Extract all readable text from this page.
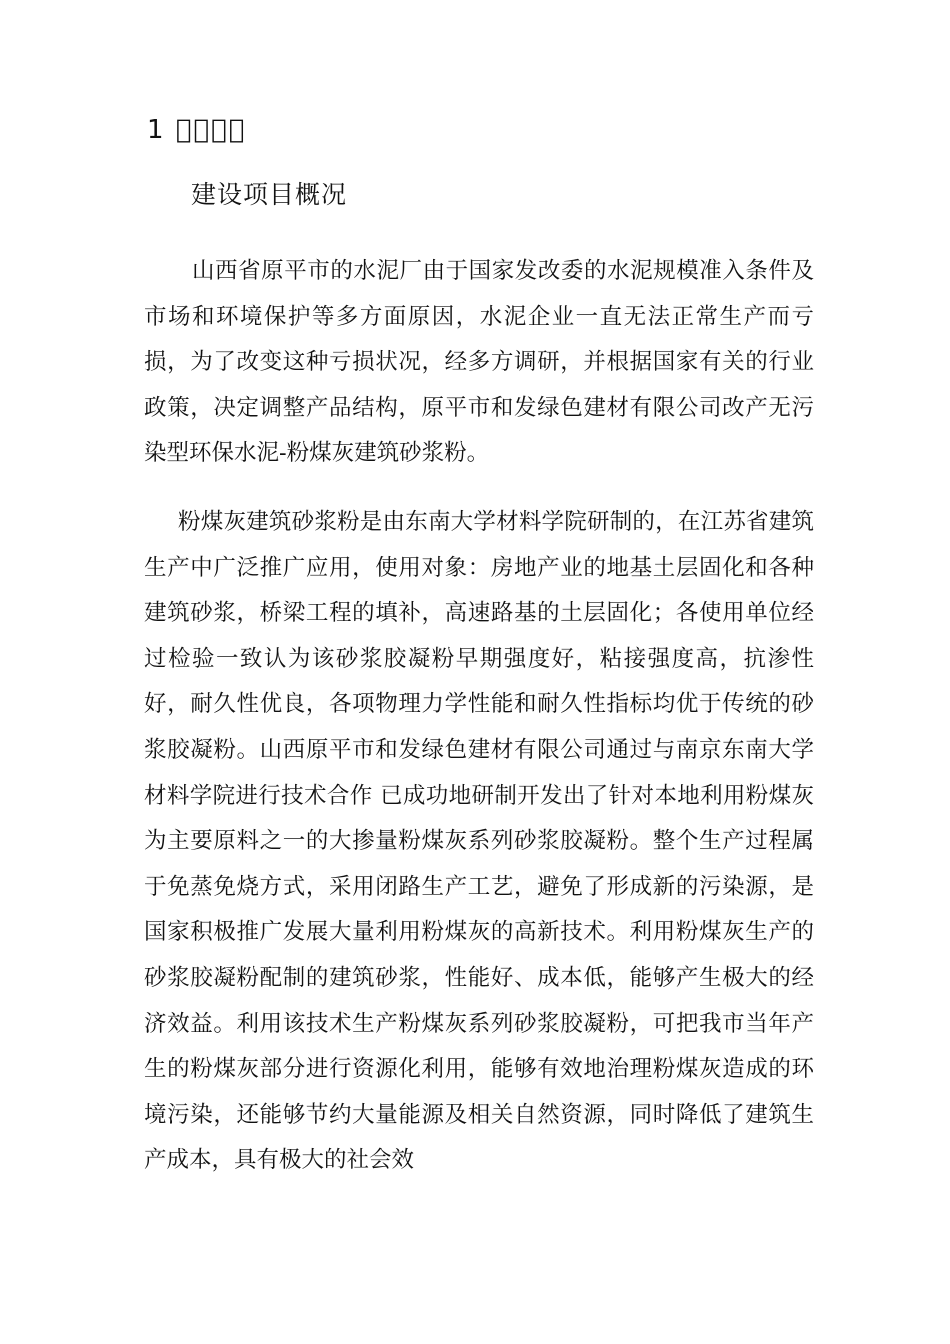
1 􀀀􀀀􀀀􀀀
建设项目概况

山西省原平市的水泥厂由于国家发改委的水泥规模准入条件及市场和环境保护等多方面原因，水泥企业一直无法正常生产而亏损，为了改变这种亏损状况，经多方调研，并根据国家有关的行业政策，决定调整产品结构，原平市和发绿色建材有限公司改产无污染型环保水泥-粉煤灰建筑砂浆粉。

粉煤灰建筑砂浆粉是由东南大学材料学院研制的，在江苏省建筑生产中广泛推广应用，使用对象：房地产业的地基土层固化和各种建筑砂浆，桥梁工程的填补，高速路基的土层固化；各使用单位经过检验一致认为该砂浆胶凝粉早期强度好，粘接强度高，抗渗性好，耐久性优良，各项物理力学性能和耐久性指标均优于传统的砂浆胶凝粉。山西原平市和发绿色建材有限公司通过与南京东南大学材料学院进行技术合作 已成功地研制开发出了针对本地利用粉煤灰为主要原料之一的大掺量粉煤灰系列砂浆胶凝粉。整个生产过程属于免蒸免烧方式，采用闭路生产工艺，避免了形成新的污染源，是国家积极推广发展大量利用粉煤灰的高新技术。利用粉煤灰生产的砂浆胶凝粉配制的建筑砂浆，性能好、成本低，能够产生极大的经济效益。利用该技术生产粉煤灰系列砂浆胶凝粉，可把我市当年产生的粉煤灰部分进行资源化利用，能够有效地治理粉煤灰造成的环境污染，还能够节约大量能源及相关自然资源，同时降低了建筑生产成本，具有极大的社会效
